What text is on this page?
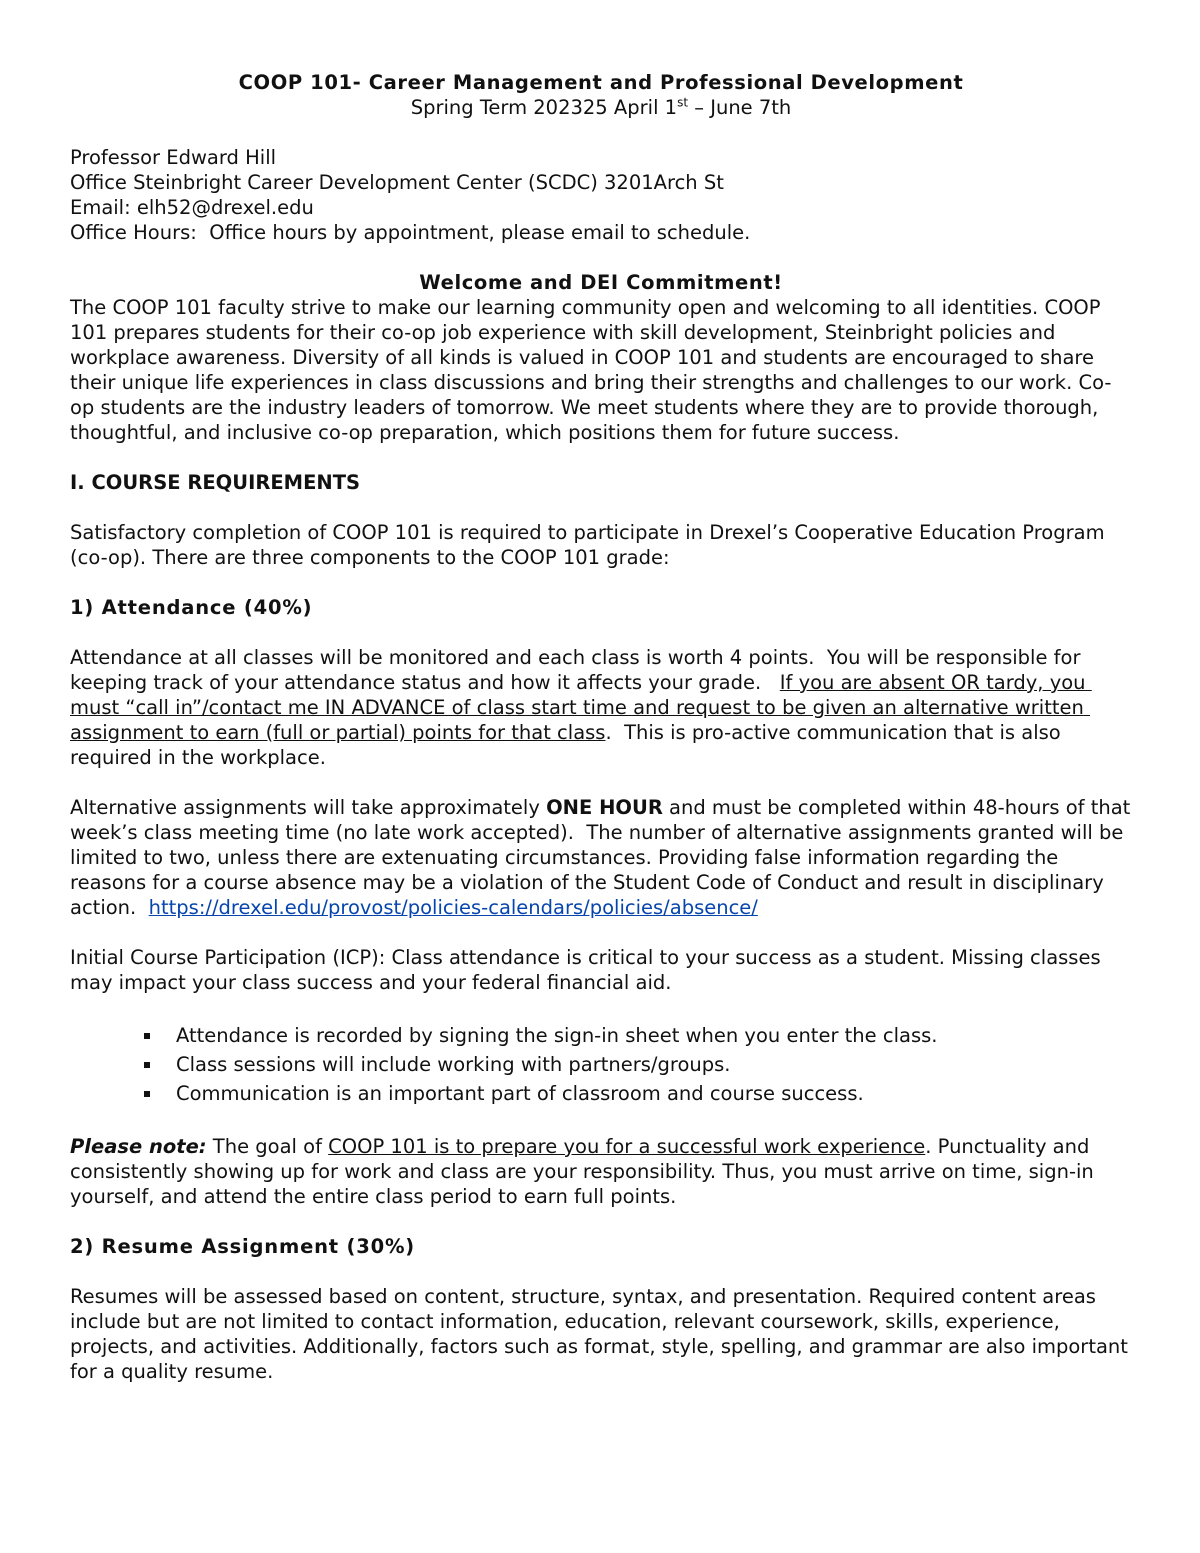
COOP 101- Career Management and Professional Development
Spring Term 202325 April 1st – June 7th
Professor Edward Hill
Office Steinbright Career Development Center (SCDC) 3201Arch St
Email: elh52@drexel.edu
Office Hours:  Office hours by appointment, please email to schedule.
Welcome and DEI Commitment!

The COOP 101 faculty strive to make our learning community open and welcoming to all identities. COOP 101 prepares students for their co-op job experience with skill development, Steinbright policies and workplace awareness. Diversity of all kinds is valued in COOP 101 and students are encouraged to share their unique life experiences in class discussions and bring their strengths and challenges to our work. Co-op students are the industry leaders of tomorrow. We meet students where they are to provide thorough, thoughtful, and inclusive co-op preparation, which positions them for future success.

I. COURSE REQUIREMENTS

Satisfactory completion of COOP 101 is required to participate in Drexel’s Cooperative Education Program (co-op). There are three components to the COOP 101 grade:

1) Attendance (40%)

Attendance at all classes will be monitored and each class is worth 4 points.  You will be responsible for keeping track of your attendance status and how it affects your grade.   If you are absent OR tardy, you must “call in”/contact me IN ADVANCE of class start time and request to be given an alternative written assignment to earn (full or partial) points for that class.  This is pro-active communication that is also required in the workplace.

Alternative assignments will take approximately ONE HOUR and must be completed within 48-hours of that week’s class meeting time (no late work accepted).  The number of alternative assignments granted will be limited to two, unless there are extenuating circumstances. Providing false information regarding the reasons for a course absence may be a violation of the Student Code of Conduct and result in disciplinary action.  https://drexel.edu/provost/policies-calendars/policies/absence/

Initial Course Participation (ICP): Class attendance is critical to your success as a student. Missing classes may impact your class success and your federal financial aid.

Attendance is recorded by signing the sign-in sheet when you enter the class.
Class sessions will include working with partners/groups.
Communication is an important part of classroom and course success.

Please note: The goal of COOP 101 is to prepare you for a successful work experience. Punctuality and consistently showing up for work and class are your responsibility. Thus, you must arrive on time, sign-in yourself, and attend the entire class period to earn full points.

2) Resume Assignment (30%)

Resumes will be assessed based on content, structure, syntax, and presentation. Required content areas include but are not limited to contact information, education, relevant coursework, skills, experience, projects, and activities. Additionally, factors such as format, style, spelling, and grammar are also important for a quality resume.
